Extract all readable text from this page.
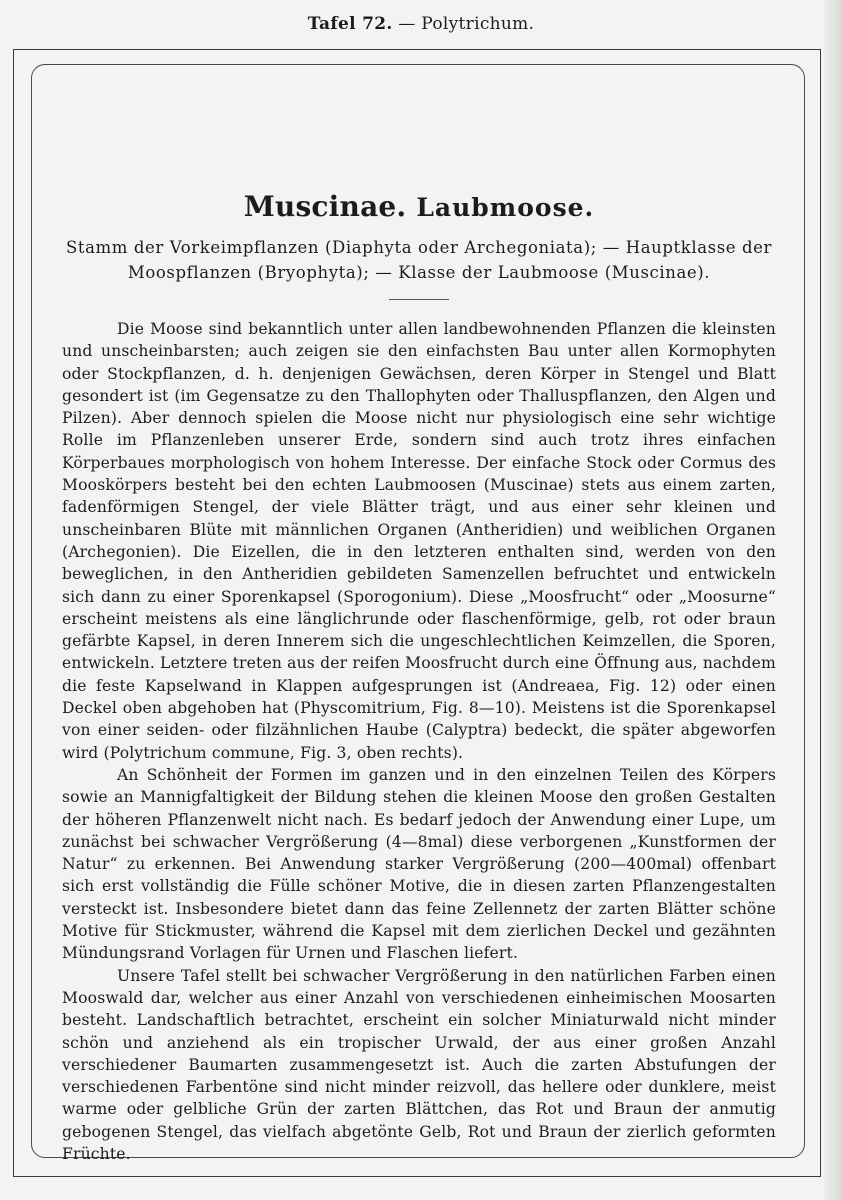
Tafel 72. — Polytrichum.
Muscinae. Laubmoose.

Stamm der Vorkeimpflanzen (Diaphyta oder Archegoniata); — Hauptklasse der Moospflanzen (Bryophyta); — Klasse der Laubmoose (Muscinae).

Die Moose sind bekanntlich unter allen landbewohnenden Pflanzen die kleinsten und unscheinbarsten; auch zeigen sie den einfachsten Bau unter allen Kormophyten oder Stockpflanzen, d. h. denjenigen Gewächsen, deren Körper in Stengel und Blatt gesondert ist (im Gegensatze zu den Thallophyten oder Thalluspflanzen, den Algen und Pilzen). Aber dennoch spielen die Moose nicht nur physiologisch eine sehr wichtige Rolle im Pflanzenleben unserer Erde, sondern sind auch trotz ihres einfachen Körperbaues morphologisch von hohem Interesse. Der einfache Stock oder Cormus des Mooskörpers besteht bei den echten Laubmoosen (Muscinae) stets aus einem zarten, fadenförmigen Stengel, der viele Blätter trägt, und aus einer sehr kleinen und unscheinbaren Blüte mit männlichen Organen (Antheridien) und weiblichen Organen (Archegonien). Die Eizellen, die in den letzteren enthalten sind, werden von den beweglichen, in den Antheridien gebildeten Samenzellen befruchtet und entwickeln sich dann zu einer Sporenkapsel (Sporogonium). Diese „Moosfrucht“ oder „Moosurne“ erscheint meistens als eine länglichrunde oder flaschenförmige, gelb, rot oder braun gefärbte Kapsel, in deren Innerem sich die ungeschlechtlichen Keimzellen, die Sporen, entwickeln. Letztere treten aus der reifen Moosfrucht durch eine Öffnung aus, nachdem die feste Kapselwand in Klappen aufgesprungen ist (Andreaea, Fig. 12) oder einen Deckel oben abgehoben hat (Physcomitrium, Fig. 8—10). Meistens ist die Sporenkapsel von einer seiden- oder filzähnlichen Haube (Calyptra) bedeckt, die später abgeworfen wird (Polytrichum commune, Fig. 3, oben rechts).

An Schönheit der Formen im ganzen und in den einzelnen Teilen des Körpers sowie an Mannigfaltigkeit der Bildung stehen die kleinen Moose den großen Gestalten der höheren Pflanzenwelt nicht nach. Es bedarf jedoch der Anwendung einer Lupe, um zunächst bei schwacher Vergrößerung (4—8mal) diese verborgenen „Kunstformen der Natur“ zu erkennen. Bei Anwendung starker Vergrößerung (200—400mal) offenbart sich erst vollständig die Fülle schöner Motive, die in diesen zarten Pflanzengestalten versteckt ist. Insbesondere bietet dann das feine Zellennetz der zarten Blätter schöne Motive für Stickmuster, während die Kapsel mit dem zierlichen Deckel und gezähnten Mündungsrand Vorlagen für Urnen und Flaschen liefert.

Unsere Tafel stellt bei schwacher Vergrößerung in den natürlichen Farben einen Mooswald dar, welcher aus einer Anzahl von verschiedenen einheimischen Moosarten besteht. Landschaftlich betrachtet, erscheint ein solcher Miniaturwald nicht minder schön und anziehend als ein tropischer Urwald, der aus einer großen Anzahl verschiedener Baumarten zusammengesetzt ist. Auch die zarten Abstufungen der verschiedenen Farbentöne sind nicht minder reizvoll, das hellere oder dunklere, meist warme oder gelbliche Grün der zarten Blättchen, das Rot und Braun der anmutig gebogenen Stengel, das vielfach abgetönte Gelb, Rot und Braun der zierlich geformten Früchte.
